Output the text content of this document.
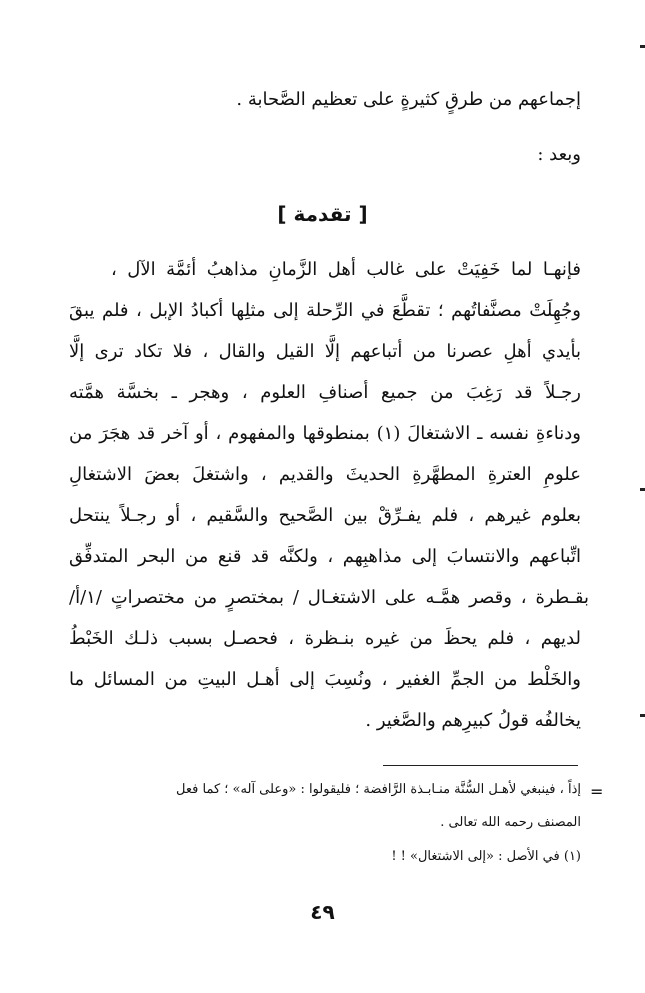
إجماعهم من طرقٍ كثيرةٍ على تعظيم الصَّحابة .
وبعد :
[ تقدمة ]
فإنهـا لما خَفِيَتْ على غالب أهل الزَّمانِ مذاهبُ أئمَّة الآل ،
وجُهِلَتْ مصنَّفاتُهم ؛ تقطَّعَ في الرِّحلة إلى مثلِها أكبادُ الإبل ، فلم يبقَ
بأيدي أهلِ عصرنا من أتباعهم إلَّا القيل والقال ، فلا تكاد ترى إلَّا
رجـلاً قد رَغِبَ من جميع أصنافِ العلوم ، وهجر ـ بخسَّة همَّته
ودناءةِ نفسه ـ الاشتغالَ (١) بمنطوقها والمفهوم ، أو آخر قد هجَرَ من
علومِ العترةِ المطهَّرةِ الحديثَ والقديم ، واشتغلَ بعضَ الاشتغالِ
بعلوم غيرهم ، فلم يفـرِّقْ بين الصَّحيح والسَّقيم ، أو رجـلاً ينتحل
اتِّباعهم والانتسابَ إلى مذاهبِهم ، ولكنَّه قد قنع من البحر المتدفِّق
بقـطرة ، وقصر همَّـه على الاشتغـال / بمختصرٍ من مختصراتٍ /١/أ/
لديهم ، فلم يحظَ من غيره بنـظرة ، فحصـل بسبب ذلـك الخَبْطُ
والخَلْط من الجمِّ الغفير ، ونُسِبَ إلى أهـل البيتِ من المسائل ما
يخالفُه قولُ كبيرِهم والصَّغير .
=
إذاً ، فينبغي لأهـل السُّنَّة منـابـذة الرَّافضة ؛ فليقولوا : «وعلى آله» ؛ كما فعل
المصنف رحمه الله تعالى .
(١) في الأصل : «إلى الاشتغال» ! !
٤٩
